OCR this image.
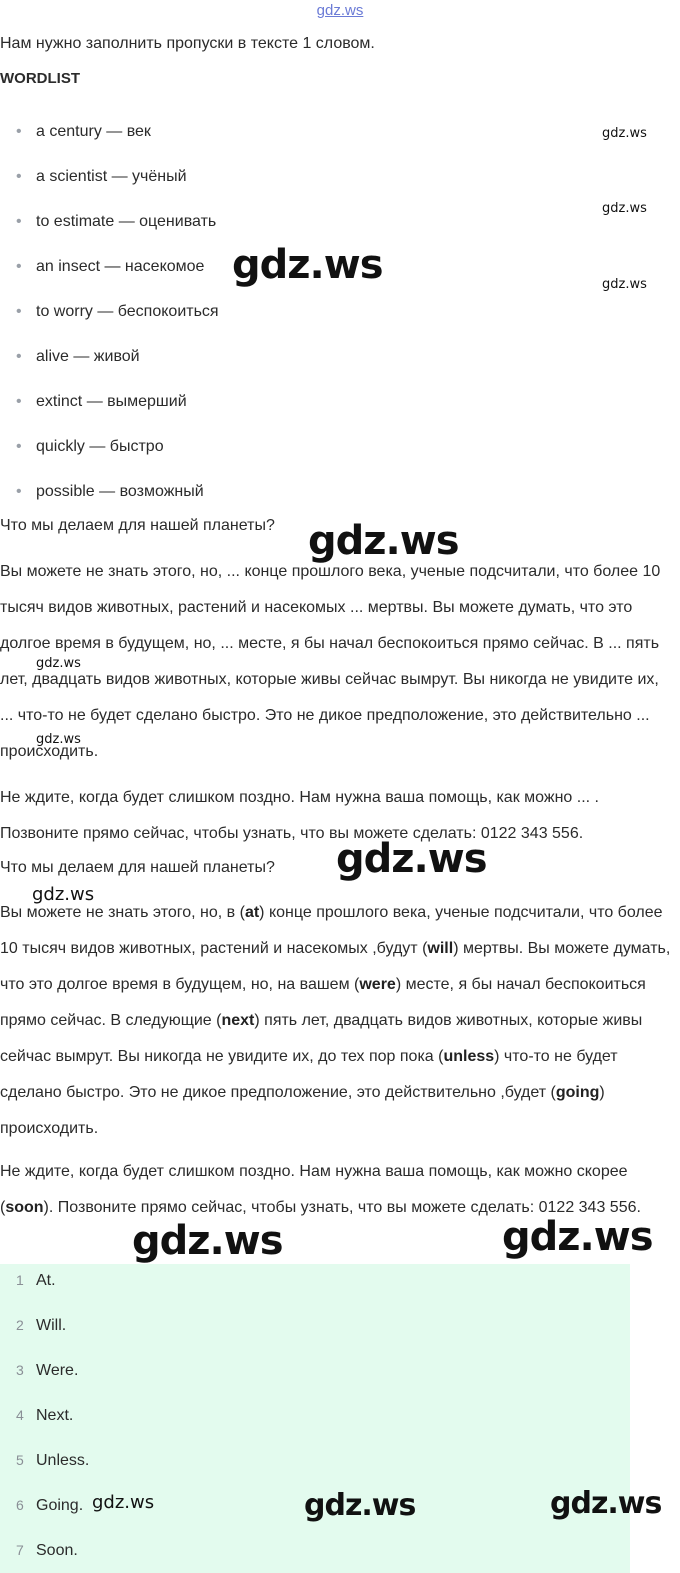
gdz.ws
Нам нужно заполнить пропуски в тексте 1 словом.
WORDLIST
• a century — век
• a scientist — учёный
• to estimate — оценивать
• an insect — насекомое
• to worry — беспокоиться
• alive — живой
• extinct — вымерший
• quickly — быстро
• possible — возможный
Что мы делаем для нашей планеты?
Вы можете не знать этого, но, ... конце прошлого века, ученые подсчитали, что более 10 тысяч видов животных, растений и насекомых ... мертвы. Вы можете думать, что это долгое время в будущем, но, ... месте, я бы начал беспокоиться прямо сейчас. В ... пять лет, двадцать видов животных, которые живы сейчас вымрут. Вы никогда не увидите их, ... что-то не будет сделано быстро. Это не дикое предположение, это действительно ... происходить.
Не ждите, когда будет слишком поздно. Нам нужна ваша помощь, как можно ... . Позвоните прямо сейчас, чтобы узнать, что вы можете сделать: 0122 343 556.
Что мы делаем для нашей планеты?
Вы можете не знать этого, но, в (at) конце прошлого века, ученые подсчитали, что более 10 тысяч видов животных, растений и насекомых ,будут (will) мертвы. Вы можете думать, что это долгое время в будущем, но, на вашем (were) месте, я бы начал беспокоиться прямо сейчас. В следующие (next) пять лет, двадцать видов животных, которые живы сейчас вымрут. Вы никогда не увидите их, до тех пор пока (unless) что-то не будет сделано быстро. Это не дикое предположение, это действительно ,будет (going) происходить.
Не ждите, когда будет слишком поздно. Нам нужна ваша помощь, как можно скорее (soon). Позвоните прямо сейчас, чтобы узнать, что вы можете сделать: 0122 343 556.
1 At.
2 Will.
3 Were.
4 Next.
5 Unless.
6 Going.
7 Soon.
gdz.ws
gdz.ws
gdz.ws
gdz.ws
gdz.ws
gdz.ws
gdz.ws
gdz.ws
gdz.ws
gdz.ws	gdz.ws
gdz.ws	gdz.ws	gdz.ws
